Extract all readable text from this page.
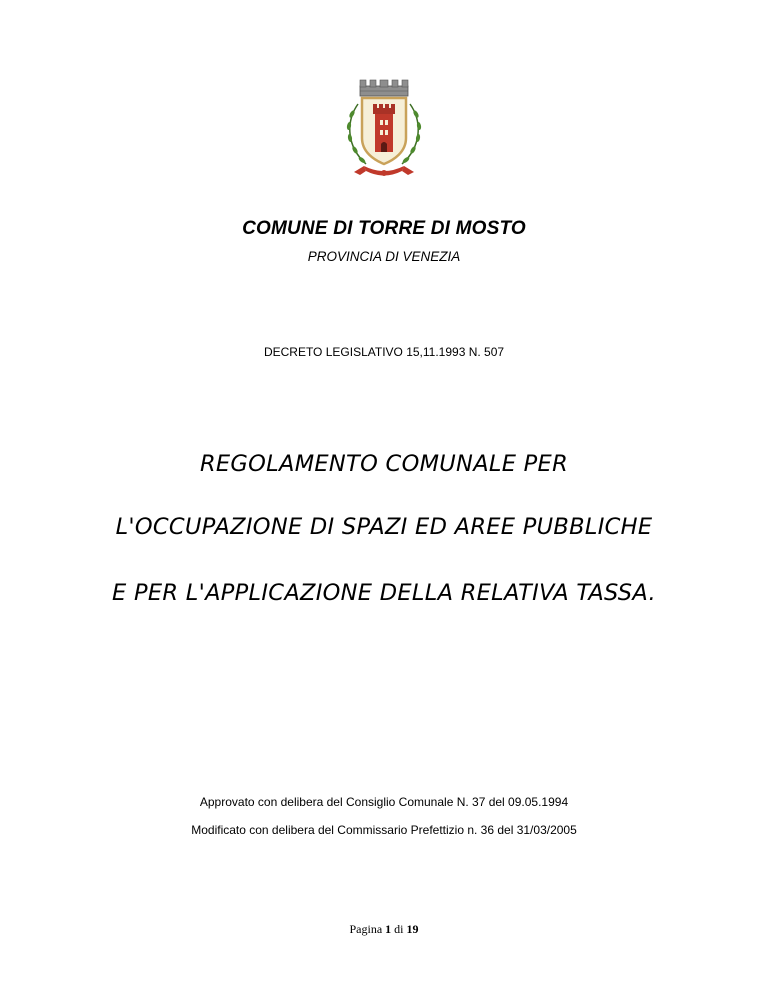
COMUNE DI TORRE DI MOSTO
PROVINCIA DI VENEZIA
DECRETO LEGISLATIVO 15,11.1993 N. 507
REGOLAMENTO COMUNALE PER
L'OCCUPAZIONE DI SPAZI ED AREE PUBBLICHE
E PER L'APPLICAZIONE DELLA RELATIVA TASSA.
Approvato con delibera del Consiglio Comunale N. 37 del 09.05.1994
Modificato con delibera del Commissario Prefettizio n. 36 del 31/03/2005
Pagina 1 di 19
